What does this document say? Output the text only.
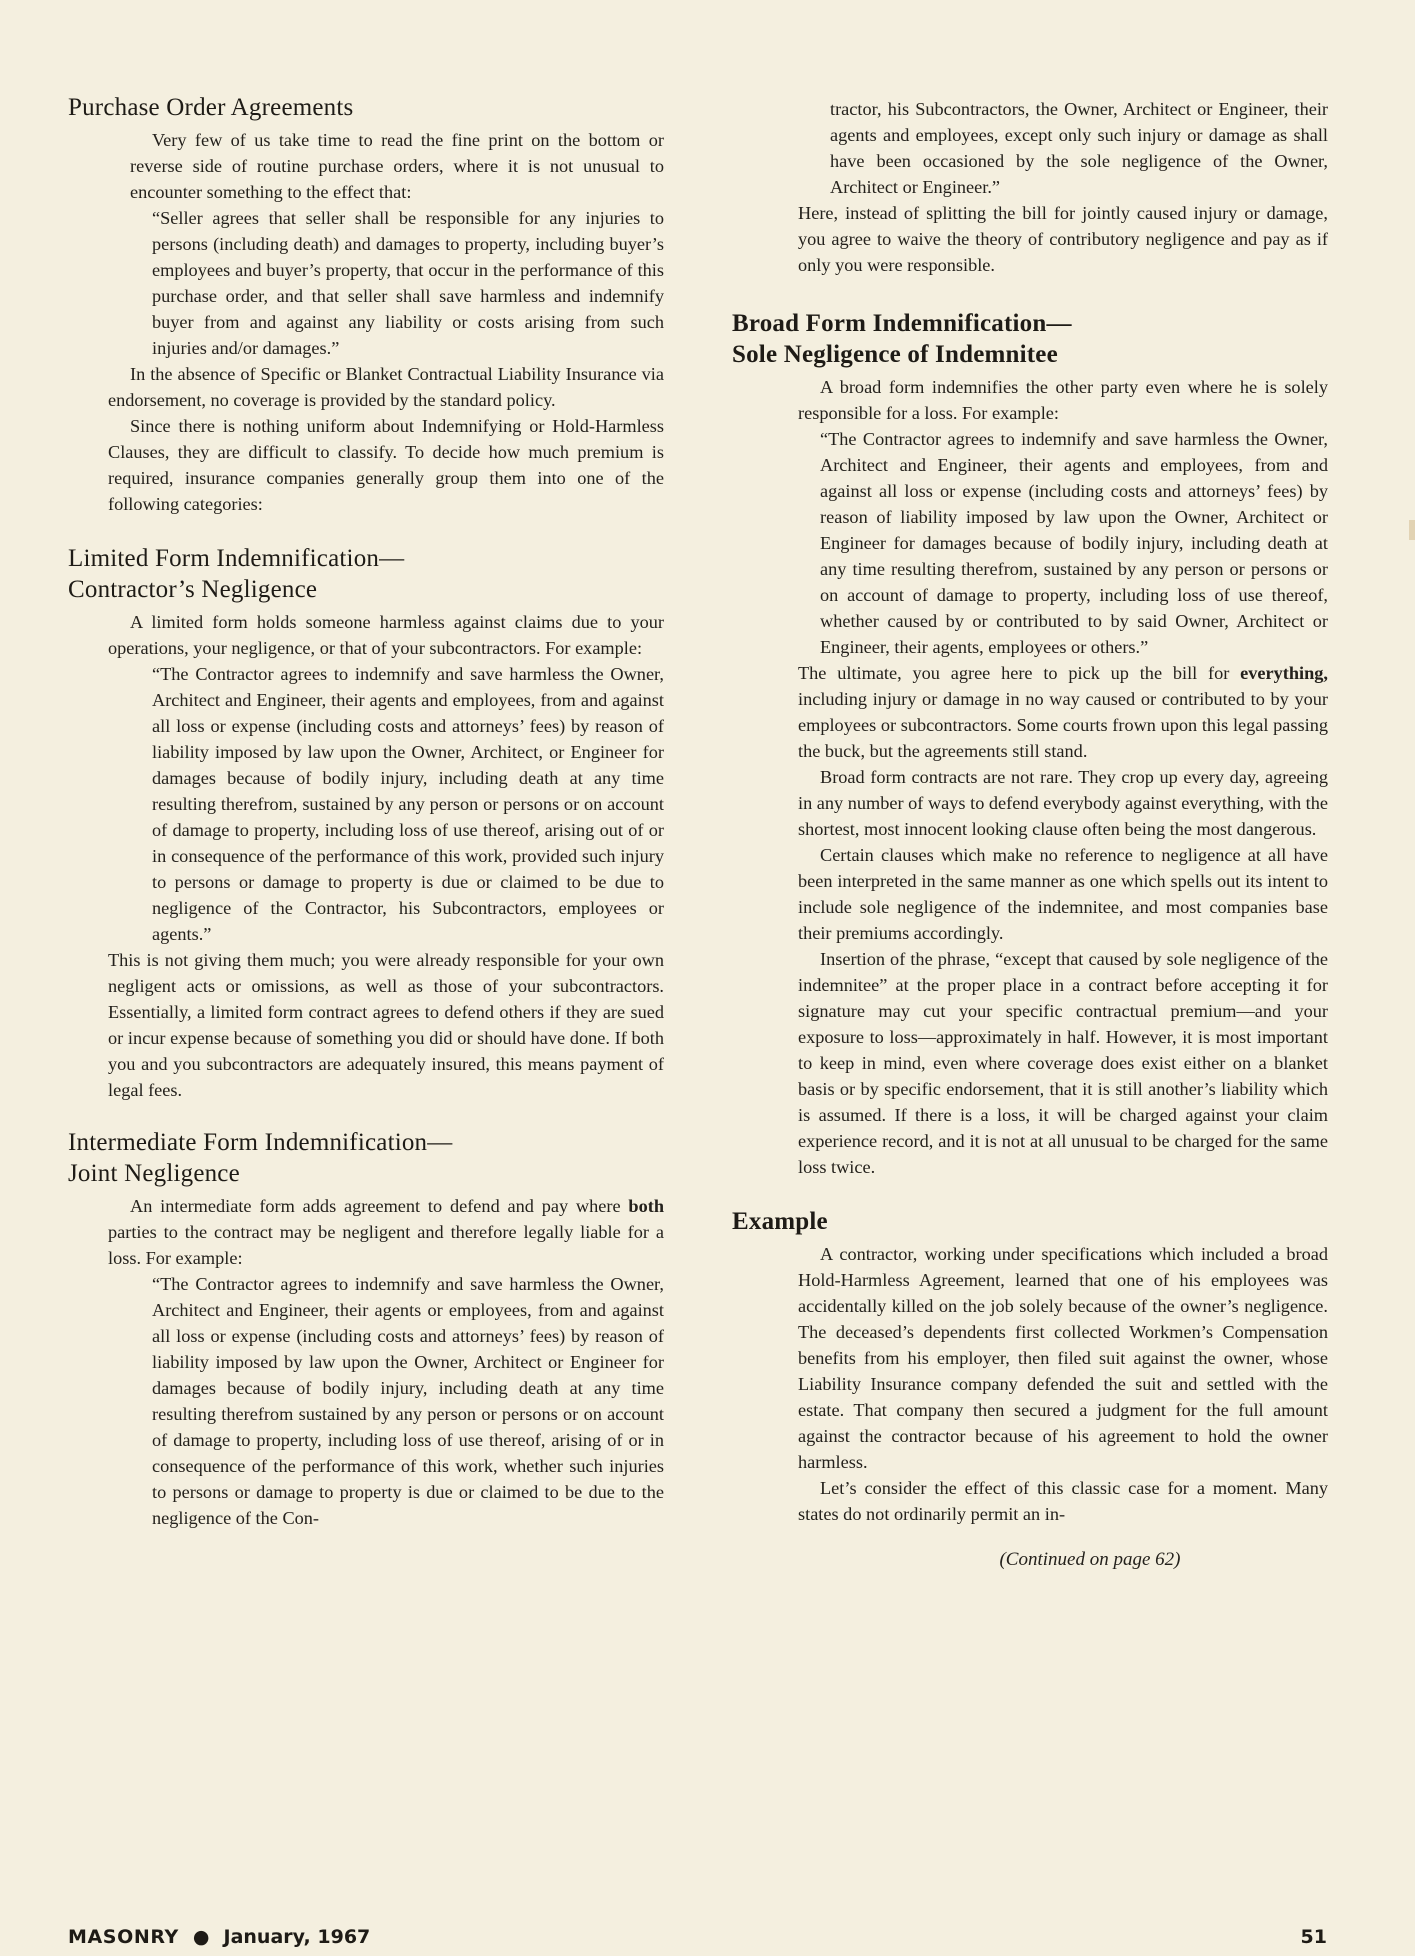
Purchase Order Agreements

Very few of us take time to read the fine print on the bottom or reverse side of routine purchase orders, where it is not unusual to encounter something to the effect that:

“Seller agrees that seller shall be responsible for any injuries to persons (including death) and damages to property, including buyer’s employees and buyer’s property, that occur in the performance of this purchase order, and that seller shall save harmless and indemnify buyer from and against any liability or costs arising from such injuries and/or damages.”

In the absence of Specific or Blanket Contractual Liability Insurance via endorsement, no coverage is provided by the standard policy.

Since there is nothing uniform about Indemnifying or Hold-Harmless Clauses, they are difficult to classify. To decide how much premium is required, insurance companies generally group them into one of the following categories:

Limited Form Indemnification—
Contractor’s Negligence

A limited form holds someone harmless against claims due to your operations, your negligence, or that of your subcontractors. For example:

“The Contractor agrees to indemnify and save harmless the Owner, Architect and Engineer, their agents and employees, from and against all loss or expense (including costs and attorneys’ fees) by reason of liability imposed by law upon the Owner, Architect, or Engineer for damages because of bodily injury, including death at any time resulting therefrom, sustained by any person or persons or on account of damage to property, including loss of use thereof, arising out of or in consequence of the performance of this work, provided such injury to persons or damage to property is due or claimed to be due to negligence of the Contractor, his Subcontractors, employees or agents.”

This is not giving them much; you were already responsible for your own negligent acts or omissions, as well as those of your subcontractors. Essentially, a limited form contract agrees to defend others if they are sued or incur expense because of something you did or should have done. If both you and you subcontractors are adequately insured, this means payment of legal fees.

Intermediate Form Indemnification—
Joint Negligence

An intermediate form adds agreement to defend and pay where both parties to the contract may be negligent and therefore legally liable for a loss. For example:

“The Contractor agrees to indemnify and save harmless the Owner, Architect and Engineer, their agents or employees, from and against all loss or expense (including costs and attorneys’ fees) by reason of liability imposed by law upon the Owner, Architect or Engineer for damages because of bodily injury, including death at any time resulting therefrom sustained by any person or persons or on account of damage to property, including loss of use thereof, arising of or in consequence of the performance of this work, whether such injuries to persons or damage to property is due or claimed to be due to the negligence of the Con-

tractor, his Subcontractors, the Owner, Architect or Engineer, their agents and employees, except only such injury or damage as shall have been occasioned by the sole negligence of the Owner, Architect or Engineer.”

Here, instead of splitting the bill for jointly caused injury or damage, you agree to waive the theory of contributory negligence and pay as if only you were responsible.

Broad Form Indemnification—
Sole Negligence of Indemnitee

A broad form indemnifies the other party even where he is solely responsible for a loss. For example:

“The Contractor agrees to indemnify and save harmless the Owner, Architect and Engineer, their agents and employees, from and against all loss or expense (including costs and attorneys’ fees) by reason of liability imposed by law upon the Owner, Architect or Engineer for damages because of bodily injury, including death at any time resulting therefrom, sustained by any person or persons or on account of damage to property, including loss of use thereof, whether caused by or contributed to by said Owner, Architect or Engineer, their agents, employees or others.”

The ultimate, you agree here to pick up the bill for everything, including injury or damage in no way caused or contributed to by your employees or subcontractors. Some courts frown upon this legal passing the buck, but the agreements still stand.

Broad form contracts are not rare. They crop up every day, agreeing in any number of ways to defend everybody against everything, with the shortest, most innocent looking clause often being the most dangerous.

Certain clauses which make no reference to negligence at all have been interpreted in the same manner as one which spells out its intent to include sole negligence of the indemnitee, and most companies base their premiums accordingly.

Insertion of the phrase, “except that caused by sole negligence of the indemnitee” at the proper place in a contract before accepting it for signature may cut your specific contractual premium—and your exposure to loss—approximately in half. However, it is most important to keep in mind, even where coverage does exist either on a blanket basis or by specific endorsement, that it is still another’s liability which is assumed. If there is a loss, it will be charged against your claim experience record, and it is not at all unusual to be charged for the same loss twice.

Example

A contractor, working under specifications which included a broad Hold-Harmless Agreement, learned that one of his employees was accidentally killed on the job solely because of the owner’s negligence. The deceased’s dependents first collected Workmen’s Compensation benefits from his employer, then filed suit against the owner, whose Liability Insurance company defended the suit and settled with the estate. That company then secured a judgment for the full amount against the contractor because of his agreement to hold the owner harmless.

Let’s consider the effect of this classic case for a moment. Many states do not ordinarily permit an in-

(Continued on page 62)

MASONRY ● January, 1967	51
